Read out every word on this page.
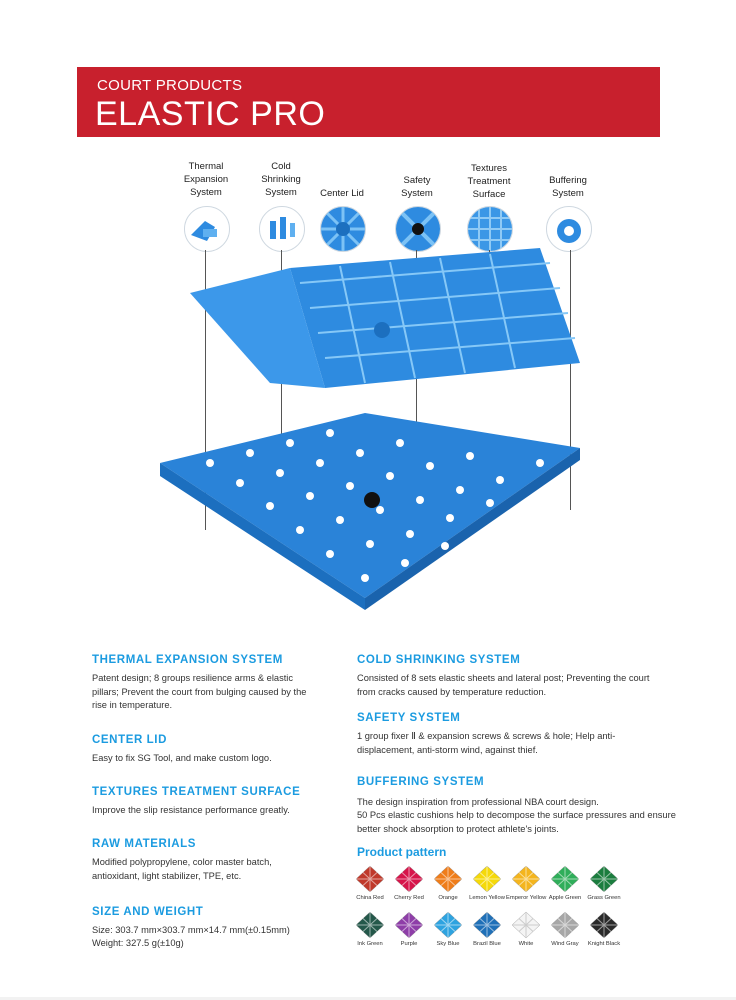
COURT PRODUCTS
ELASTIC PRO
Thermal
Expansion
System
Cold
Shrinking
System	Center Lid
Safety
System
Textures
Treatment
Surface
Buffering
System
THERMAL EXPANSION SYSTEM
Patent design; 8 groups resilience arms & elastic pillars; Prevent the court from bulging caused by the rise in temperature.
CENTER LID
Easy to fix SG Tool, and make custom logo.
TEXTURES TREATMENT SURFACE
Improve the slip resistance performance greatly.
RAW MATERIALS
Modified polypropylene, color master batch, antioxidant, light stabilizer, TPE, etc.
SIZE AND WEIGHT
Size: 303.7 mm×303.7 mm×14.7 mm(±0.15mm)
Weight: 327.5 g(±10g)
COLD SHRINKING SYSTEM
Consisted of 8 sets elastic sheets and lateral post; Preventing the court from cracks caused by temperature reduction.
SAFETY SYSTEM
1 group fixer Ⅱ & expansion screws & screws & hole; Help anti-displacement, anti-storm wind, against thief.
BUFFERING SYSTEM
The design inspiration from professional NBA court design.
50 Pcs elastic cushions help to decompose the surface pressures and ensure better shock absorption to protect athlete's joints.
Product pattern
China Red	Cherry Red	Orange	Lemon Yellow Emperor Yellow Apple Green	Grass Green
Ink Green	Purple	Sky Blue	Brazil Blue	White	Wind Gray	Knight Black
